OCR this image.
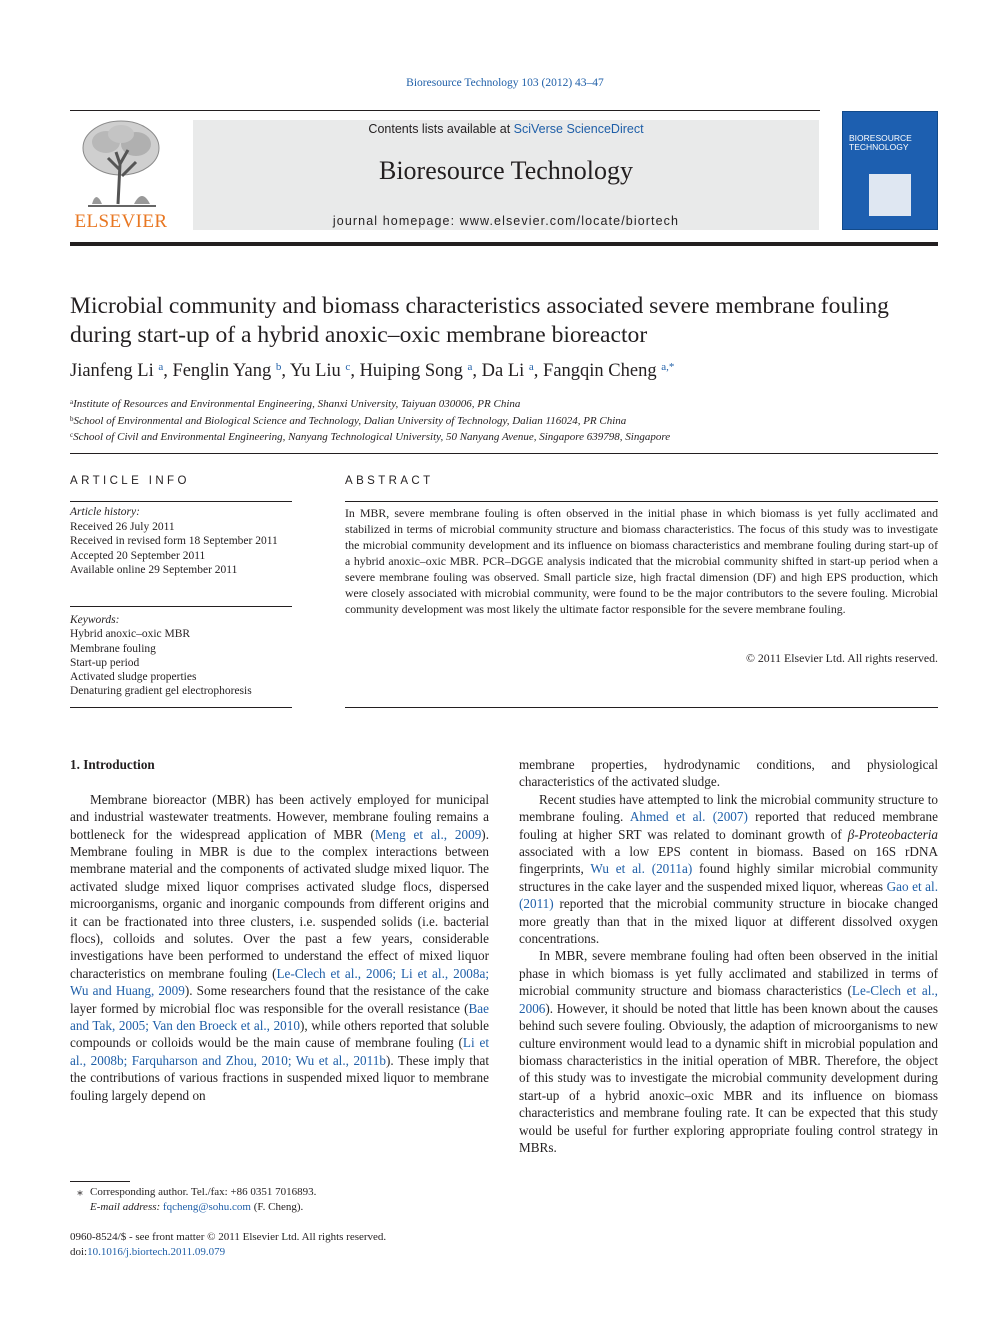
Bioresource Technology 103 (2012) 43–47
ELSEVIER
Contents lists available at SciVerse ScienceDirect
Bioresource Technology
journal homepage: www.elsevier.com/locate/biortech
BIORESOURCE
TECHNOLOGY
Microbial community and biomass characteristics associated severe membrane fouling during start-up of a hybrid anoxic–oxic membrane bioreactor
Jianfeng Li $^a$, Fenglin Yang $^b$, Yu Liu $^c$, Huiping Song $^a$, Da Li $^a$, Fangqin Cheng $^{a,*}$
$^a$Institute of Resources and Environmental Engineering, Shanxi University, Taiyuan 030006, PR China
$^b$School of Environmental and Biological Science and Technology, Dalian University of Technology, Dalian 116024, PR China
$^c$School of Civil and Environmental Engineering, Nanyang Technological University, 50 Nanyang Avenue, Singapore 639798, Singapore
ARTICLE INFO
Article history:
Received 26 July 2011
Received in revised form 18 September 2011
Accepted 20 September 2011
Available online 29 September 2011
Keywords:
Hybrid anoxic–oxic MBR
Membrane fouling
Start-up period
Activated sludge properties
Denaturing gradient gel electrophoresis
ABSTRACT
In MBR, severe membrane fouling is often observed in the initial phase in which biomass is yet fully acclimated and stabilized in terms of microbial community structure and biomass characteristics. The focus of this study was to investigate the microbial community development and its influence on biomass characteristics and membrane fouling during start-up of a hybrid anoxic–oxic MBR. PCR–DGGE analysis indicated that the microbial community shifted in start-up period when a severe membrane fouling was observed. Small particle size, high fractal dimension (DF) and high EPS production, which were closely associated with microbial community, were found to be the major contributors to the severe fouling. Microbial community development was most likely the ultimate factor responsible for the severe membrane fouling.
© 2011 Elsevier Ltd. All rights reserved.
1. Introduction

Membrane bioreactor (MBR) has been actively employed for municipal and industrial wastewater treatments. However, membrane fouling remains a bottleneck for the widespread application of MBR (Meng et al., 2009). Membrane fouling in MBR is due to the complex interactions between membrane material and the components of activated sludge mixed liquor. The activated sludge mixed liquor comprises activated sludge flocs, dispersed microorganisms, organic and inorganic compounds from different origins and it can be fractionated into three clusters, i.e. suspended solids (i.e. bacterial flocs), colloids and solutes. Over the past a few years, considerable investigations have been performed to understand the effect of mixed liquor characteristics on membrane fouling (Le-Clech et al., 2006; Li et al., 2008a; Wu and Huang, 2009). Some researchers found that the resistance of the cake layer formed by microbial floc was responsible for the overall resistance (Bae and Tak, 2005; Van den Broeck et al., 2010), while others reported that soluble compounds or colloids would be the main cause of membrane fouling (Li et al., 2008b; Farquharson and Zhou, 2010; Wu et al., 2011b). These imply that the contributions of various fractions in suspended mixed liquor to membrane fouling largely depend on

membrane properties, hydrodynamic conditions, and physiological characteristics of the activated sludge.

Recent studies have attempted to link the microbial community structure to membrane fouling. Ahmed et al. (2007) reported that reduced membrane fouling at higher SRT was related to dominant growth of β-Proteobacteria associated with a low EPS content in biomass. Based on 16S rDNA fingerprints, Wu et al. (2011a) found highly similar microbial community structures in the cake layer and the suspended mixed liquor, whereas Gao et al. (2011) reported that the microbial community structure in biocake changed more greatly than that in the mixed liquor at different dissolved oxygen concentrations.

In MBR, severe membrane fouling had often been observed in the initial phase in which biomass is yet fully acclimated and stabilized in terms of microbial community structure and biomass characteristics (Le-Clech et al., 2006). However, it should be noted that little has been known about the causes behind such severe fouling. Obviously, the adaption of microorganisms to new culture environment would lead to a dynamic shift in microbial population and biomass characteristics in the initial operation of MBR. Therefore, the object of this study was to investigate the microbial community development during start-up of a hybrid anoxic–oxic MBR and its influence on biomass characteristics and membrane fouling rate. It can be expected that this study would be useful for further exploring appropriate fouling control strategy in MBRs.

⁎ Corresponding author. Tel./fax: +86 0351 7016893.
E-mail address: fqcheng@sohu.com (F. Cheng).
0960-8524/$ - see front matter © 2011 Elsevier Ltd. All rights reserved.
doi:10.1016/j.biortech.2011.09.079
